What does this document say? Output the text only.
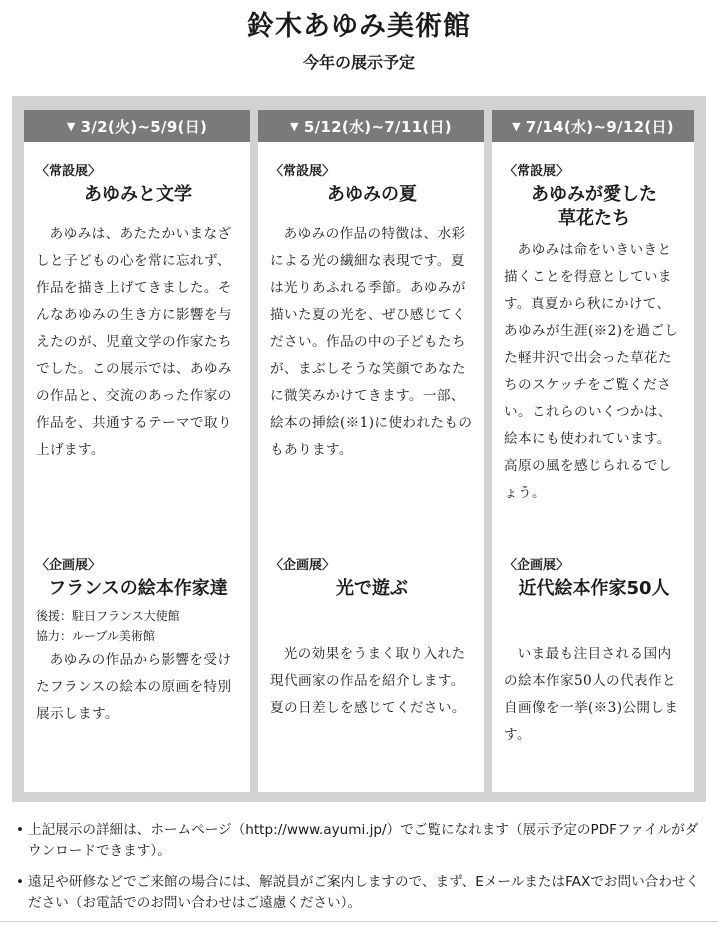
鈴木あゆみ美術館
今年の展示予定
▼ 3/2(火)~5/9(日)
〈常設展〉
あゆみと文学
あゆみは、あたたかいまなざしと子どもの心を常に忘れず、作品を描き上げてきました。そんなあゆみの生き方に影響を与えたのが、児童文学の作家たちでした。この展示では、あゆみの作品と、交流のあった作家の作品を、共通するテーマで取り上げます。
〈企画展〉
フランスの絵本作家達
後援：駐日フランス大使館
協力：ルーブル美術館
あゆみの作品から影響を受けたフランスの絵本の原画を特別展示します。
▼ 5/12(水)~7/11(日)
〈常設展〉
あゆみの夏
あゆみの作品の特徴は、水彩による光の繊細な表現です。夏は光りあふれる季節。あゆみが描いた夏の光を、ぜひ感じてください。作品の中の子どもたちが、まぶしそうな笑顔であなたに微笑みかけてきます。一部、絵本の挿絵(※1)に使われたものもあります。
〈企画展〉
光で遊ぶ
光の効果をうまく取り入れた現代画家の作品を紹介します。夏の日差しを感じてください。
▼ 7/14(水)~9/12(日)
〈常設展〉
あゆみが愛した
草花たち
あゆみは命をいきいきと描くことを得意としています。真夏から秋にかけて、あゆみが生涯(※2)を過ごした軽井沢で出会った草花たちのスケッチをご覧ください。これらのいくつかは、絵本にも使われています。高原の風を感じられるでしょう。
〈企画展〉
近代絵本作家50人
いま最も注目される国内の絵本作家50人の代表作と自画像を一挙(※3)公開します。
• 上記展示の詳細は、ホームページ（http://www.ayumi.jp/）でご覧になれます（展示予定のPDFファイルがダウンロードできます）。
• 遠足や研修などでご来館の場合には、解説員がご案内しますので、まず、EメールまたはFAXでお問い合わせください（お電話でのお問い合わせはご遠慮ください）。
